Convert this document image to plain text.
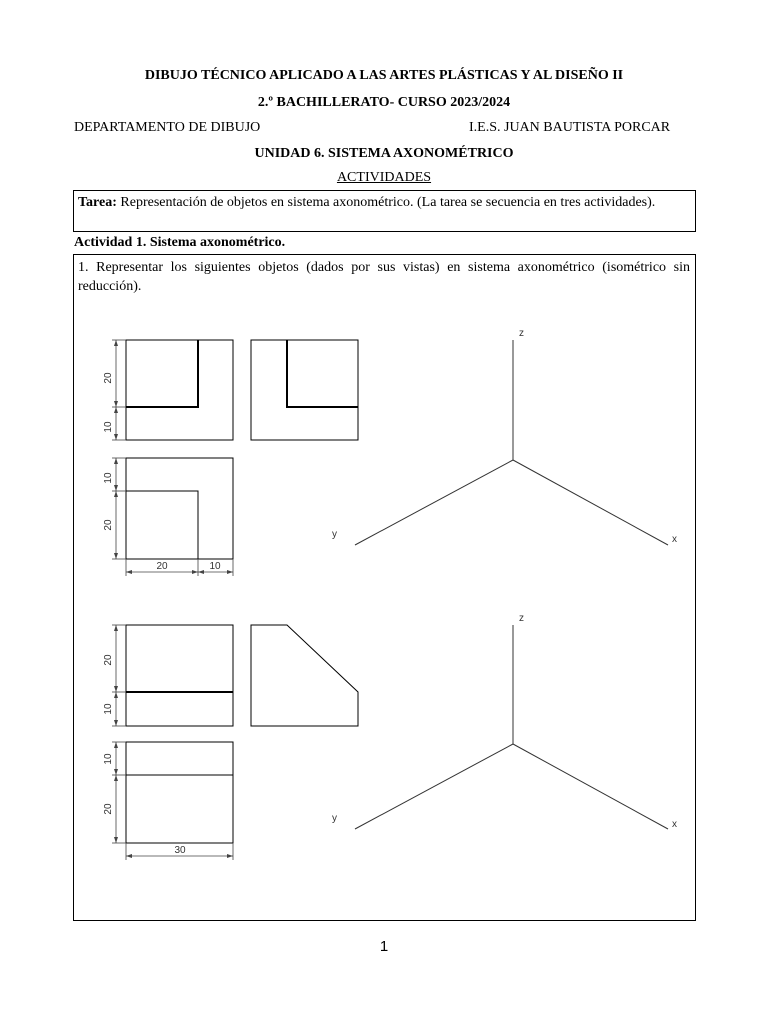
DIBUJO TÉCNICO APLICADO A LAS ARTES PLÁSTICAS Y AL DISEÑO II
2.º BACHILLERATO- CURSO 2023/2024
DEPARTAMENTO DE DIBUJO	I.E.S. JUAN BAUTISTA PORCAR
UNIDAD 6. SISTEMA AXONOMÉTRICO
ACTIVIDADES
Tarea: Representación de objetos en sistema axonométrico. (La tarea se secuencia en tres actividades).
Actividad 1. Sistema axonométrico.
1. Representar los siguientes objetos (dados por sus vistas) en sistema axonométrico (isométrico sin reducción).
20
10
10
20
20	10
20
10
10
20
30
z
y	x
z
y
x
1
